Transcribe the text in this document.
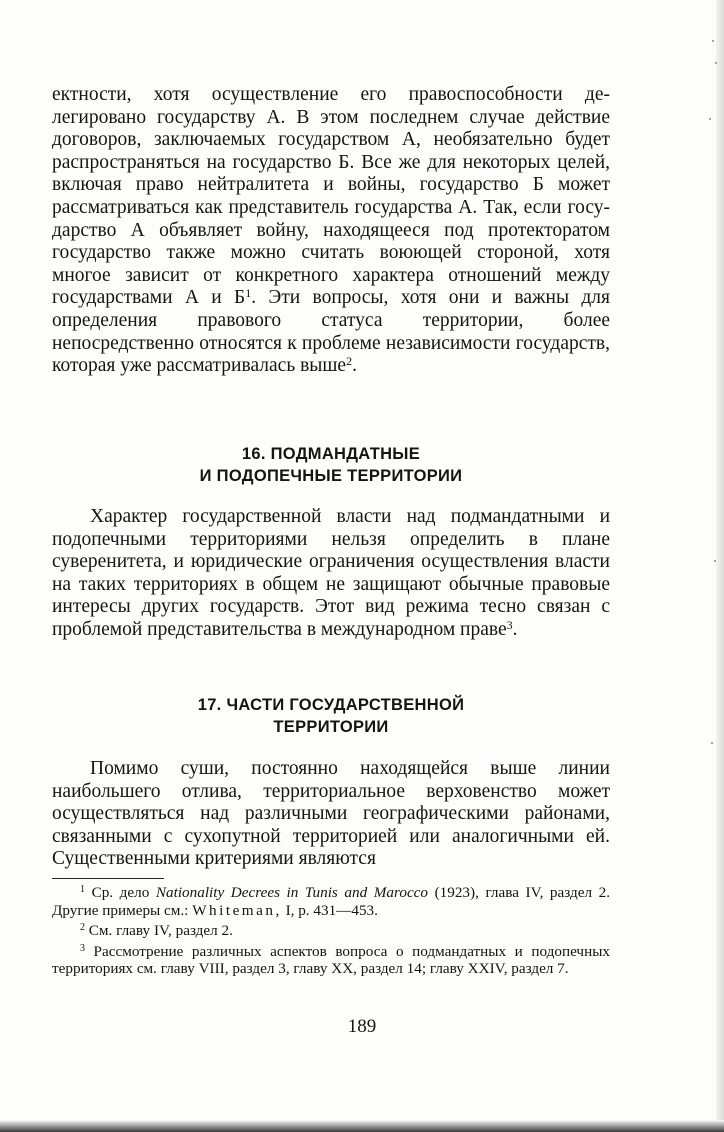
ектности, хотя осуществление его правоспособности делегировано государству А. В этом последнем случае действие договоров, заключаемых государством А, необязательно будет распространяться на государство Б. Все же для некоторых целей, включая право нейтралитета и войны, государство Б может рассматриваться как представитель государства А. Так, если государство А объявляет войну, находящееся под протекторатом государство также можно считать воюющей стороной, хотя многое зависит от конкретного характера отношений между государствами А и $Б^1$. Эти вопросы, хотя они и важны для определения правового статуса территории, более непосредственно относятся к проблеме независимости государств, которая уже рассматривалась выше$^2$.
16. ПОДМАНДАТНЫЕ
И ПОДОПЕЧНЫЕ ТЕРРИТОРИИ
Характер государственной власти над подмандатными и подопечными территориями нельзя определить в плане суверенитета, и юридические ограничения осуществления власти на таких территориях в общем не защищают обычные правовые интересы других государств. Этот вид режима тесно связан с проблемой представительства в международном праве$^3$.
17. ЧАСТИ ГОСУДАРСТВЕННОЙ
ТЕРРИТОРИИ
Помимо суши, постоянно находящейся выше линии наибольшего отлива, территориальное верховенство может осуществляться над различными географическими районами, связанными с сухопутной территорией или аналогичными ей. Существенными критериями являются

$^1$ Ср. дело Nationality Decrees in Tunis and Marocco (1923), глава IV, раздел 2. Другие примеры см.: Whiteman, I, p. 431—453.

$^2$ См. главу IV, раздел 2.

$^3$ Рассмотрение различных аспектов вопроса о подмандатных и подопечных территориях см. главу VIII, раздел 3, главу XX, раздел 14; главу XXIV, раздел 7.

189
